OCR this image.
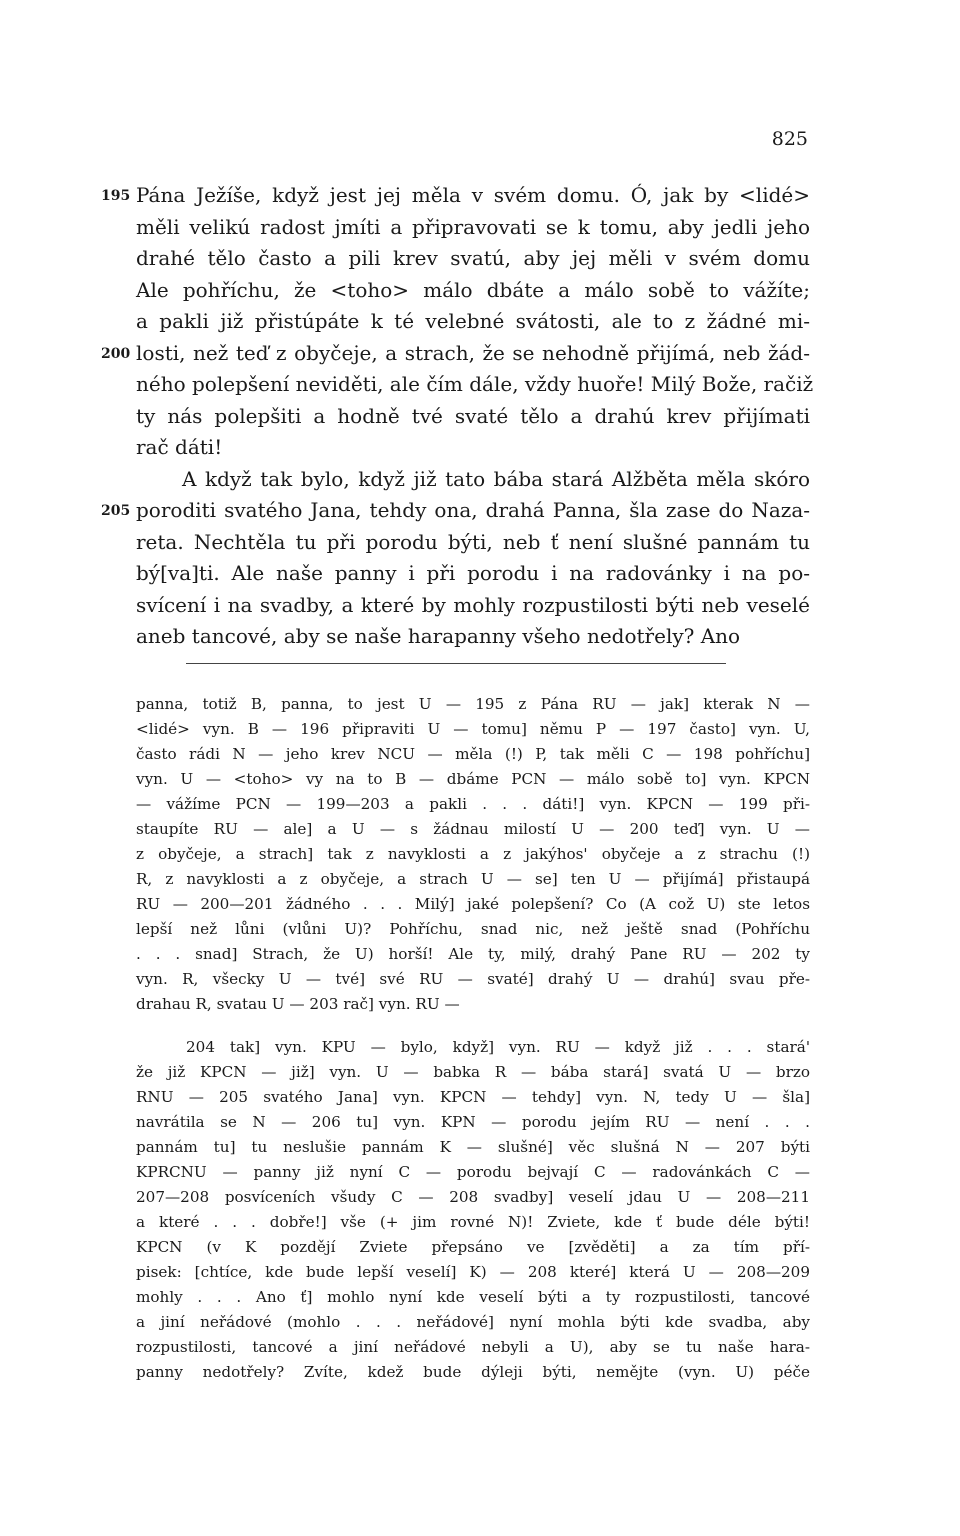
825
195 Pána Ježíše, když jest jej měla v svém domu. Ó, jak by <lidé>
měli velikú radost jmíti a připravovati se k tomu, aby jedli jeho
drahé tělo často a pili krev svatú, aby jej měli v svém domu
Ale pohříchu, že <toho> málo dbáte a málo sobě to vážíte;
a pakli již přistúpáte k té velebné svátosti, ale to z žádné mi-
200 losti, než teď z obyčeje, a strach, že se nehodně přijímá, neb žád-
ného polepšení neviděti, ale čím dále, vždy huoře! Milý Bože, račiž
ty nás polepšiti a hodně tvé svaté tělo a drahú krev přijímati
rač dáti!
A když tak bylo, když již tato bába stará Alžběta měla skóro
205 poroditi svatého Jana, tehdy ona, drahá Panna, šla zase do Naza-
reta. Nechtěla tu při porodu býti, neb ť není slušné pannám tu
bý[va]ti. Ale naše panny i při porodu i na radovánky i na po-
svícení i na svadby, a které by mohly rozpustilosti býti neb veselé
aneb tancové, aby se naše harapanny všeho nedotřely? Ano
panna, totiž B, panna, to jest U — 195 z Pána RU — jak] kterak N —
<lidé> vyn. B — 196 připraviti U — tomu] němu P — 197 často] vyn. U,
často rádi N — jeho krev NCU — měla (!) P, tak měli C — 198 pohříchu]
vyn. U — <toho> vy na to B — dbáme PCN — málo sobě to] vyn. KPCN
— vážíme PCN — 199—203 a pakli . . . dáti!] vyn. KPCN — 199 při-
staupíte RU — ale] a U — s žádnau milostí U — 200 teď] vyn. U —
z obyčeje, a strach] tak z navyklosti a z jakýhos' obyčeje a z strachu (!)
R, z navyklosti a z obyčeje, a strach U — se] ten U — přijímá] přistaupá
RU — 200—201 žádného . . . Milý] jaké polepšení? Co (A což U) ste letos
lepší než lůni (vlůni U)? Pohříchu, snad nic, než ještě snad (Pohříchu
. . . snad] Strach, že U) horší! Ale ty, milý, drahý Pane RU — 202 ty
vyn. R, všecky U — tvé] své RU — svaté] drahý U — drahú] svau pře-
drahau R, svatau U — 203 rač] vyn. RU —
204 tak] vyn. KPU — bylo, když] vyn. RU — když již . . . stará'
že již KPCN — již] vyn. U — babka R — bába stará] svatá U — brzo
RNU — 205 svatého Jana] vyn. KPCN — tehdy] vyn. N, tedy U — šla]
navrátila se N — 206 tu] vyn. KPN — porodu jejím RU — není . . .
pannám tu] tu neslušie pannám K — slušné] věc slušná N — 207 býti
KPRCNU — panny již nyní C — porodu bejvají C — radovánkách C —
207—208 posvíceních všudy C — 208 svadby] veselí jdau U — 208—211
a které . . . dobře!] vše (+ jim rovné N)! Zviete, kde ť bude déle býti!
KPCN (v K pozdějí Zviete přepsáno ve [zvěděti] a za tím pří-
pisek: [chtíce, kde bude lepší veselí] K) — 208 které] která U — 208—209
mohly . . . Ano ť] mohlo nyní kde veselí býti a ty rozpustilosti, tancové
a jiní neřádové (mohlo . . . neřádové] nyní mohla býti kde svadba, aby
rozpustilosti, tancové a jiní neřádové nebyli a U), aby se tu naše hara-
panny nedotřely? Zvíte, kdež bude dýleji býti, nemějte (vyn. U) péče
